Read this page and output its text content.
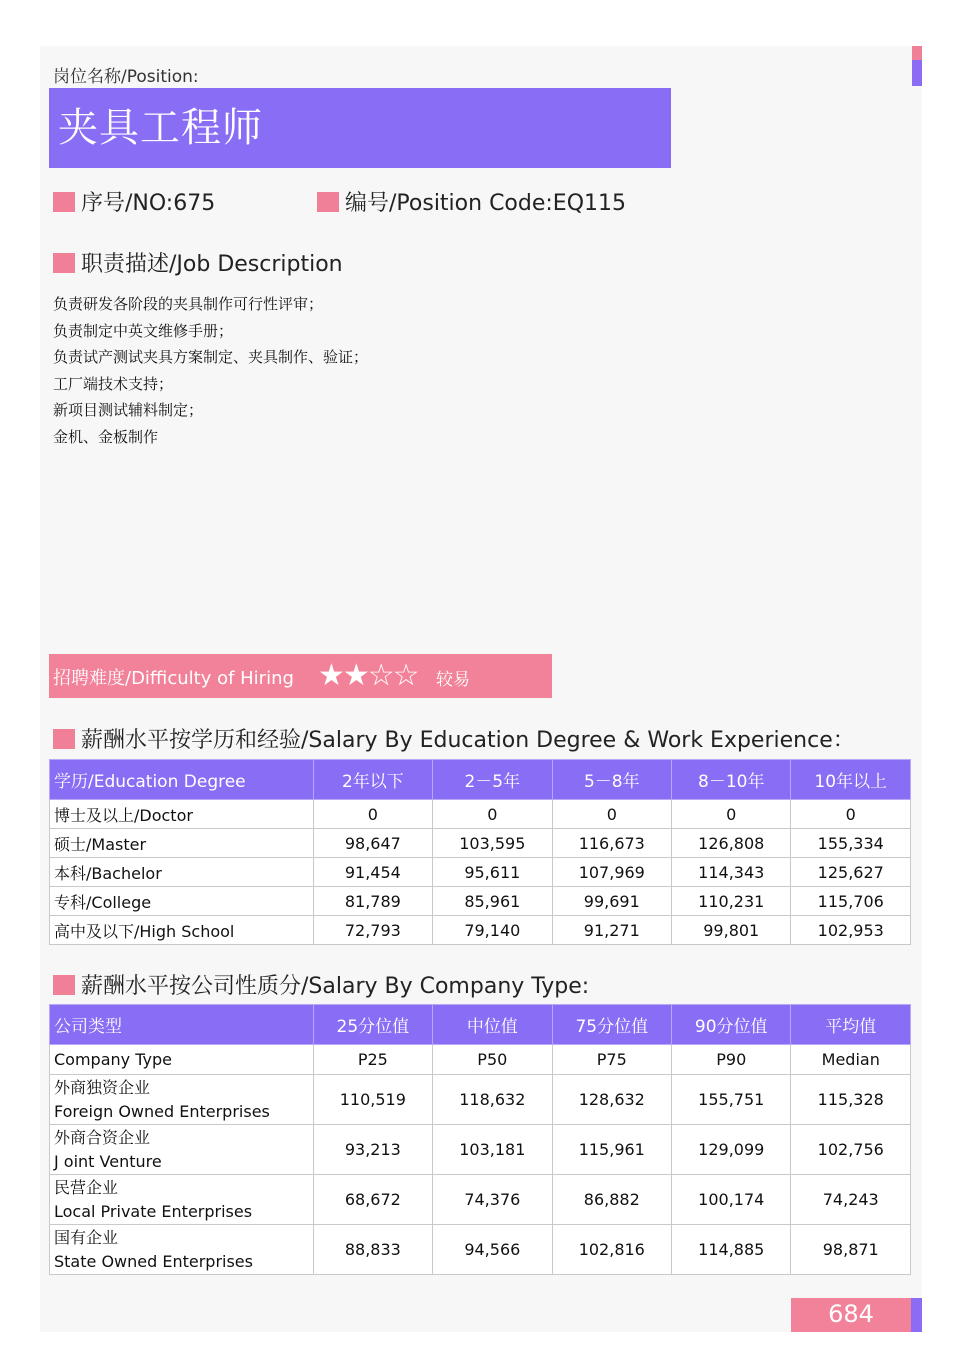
岗位名称/Position:
夹具工程师
序号/NO:675	编号/Position Code:EQ115
职责描述/Job Description
负责研发各阶段的夹具制作可行性评审；
负责制定中英文维修手册；
负责试产测试夹具方案制定、夹具制作、验证；
工厂端技术支持；
新项目测试辅料制定；
金机、金板制作
招聘难度/Difficulty of Hiring ★★☆☆ 较易
薪酬水平按学历和经验/Salary By Education Degree & Work Experience：
学历/Education Degree	2年以下	2－5年	5－8年	8－10年	10年以上
博士及以上/Doctor	0	0	0	0	0
硕士/Master	98,647	103,595	116,673	126,808	155,334
本科/Bachelor	91,454	95,611	107,969	114,343	125,627
专科/College	81,789	85,961	99,691	110,231	115,706
高中及以下/High School	72,793	79,140	91,271	99,801	102,953
薪酬水平按公司性质分/Salary By Company Type:
公司类型	25分位值	中位值	75分位值	90分位值	平均值
Company Type	P25	P50	P75	P90	Median

外商独资企业
Foreign Owned Enterprises	110,519	118,632	128,632	155,751	115,328

外商合资企业
J oint Venture	93,213	103,181	115,961	129,099	102,756

民营企业
Local Private Enterprises	68,672	74,376	86,882	100,174	74,243

国有企业
State Owned Enterprises	88,833	94,566	102,816	114,885	98,871
684
